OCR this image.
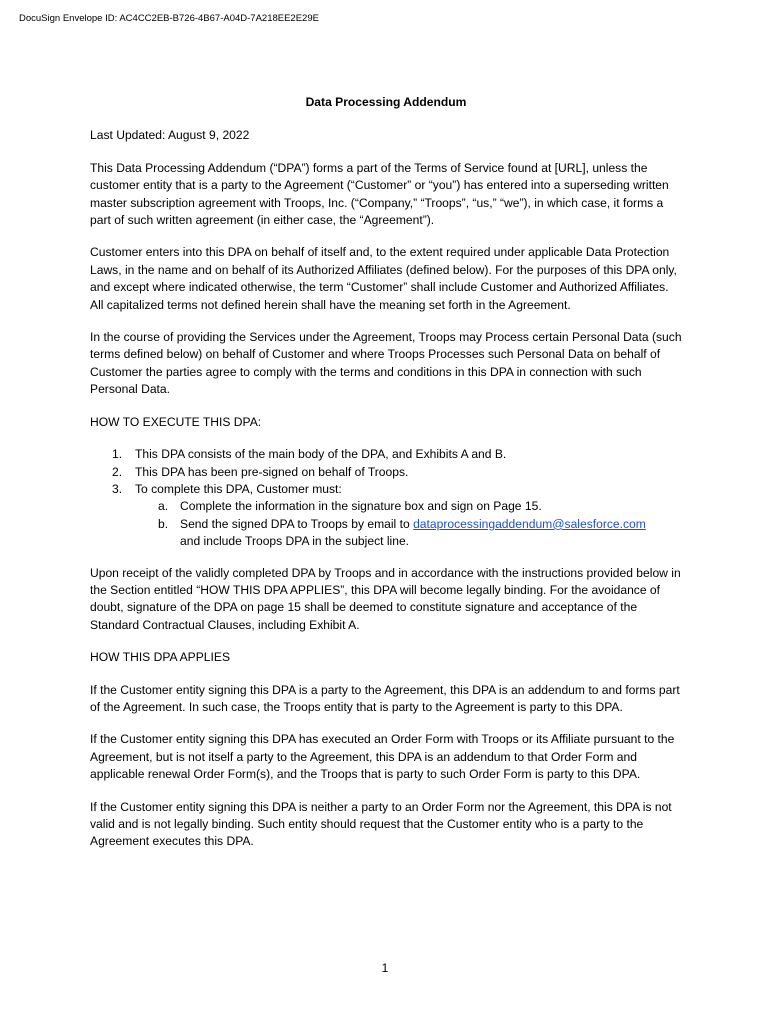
DocuSign Envelope ID: AC4CC2EB-B726-4B67-A04D-7A218EE2E29E
Data Processing Addendum

Last Updated: August 9, 2022

This Data Processing Addendum (“DPA”) forms a part of the Terms of Service found at [URL], unless the customer entity that is a party to the Agreement (“Customer” or “you”) has entered into a superseding written master subscription agreement with Troops, Inc. (“Company,” “Troops”, “us,” “we”), in which case, it forms a part of such written agreement (in either case, the “Agreement”).

Customer enters into this DPA on behalf of itself and, to the extent required under applicable Data Protection Laws, in the name and on behalf of its Authorized Affiliates (defined below). For the purposes of this DPA only, and except where indicated otherwise, the term “Customer” shall include Customer and Authorized Affiliates. All capitalized terms not defined herein shall have the meaning set forth in the Agreement.

In the course of providing the Services under the Agreement, Troops may Process certain Personal Data (such terms defined below) on behalf of Customer and where Troops Processes such Personal Data on behalf of Customer the parties agree to comply with the terms and conditions in this DPA in connection with such Personal Data.

HOW TO EXECUTE THIS DPA:

1. This DPA consists of the main body of the DPA, and Exhibits A and B.
2. This DPA has been pre-signed on behalf of Troops.
3. To complete this DPA, Customer must:
a. Complete the information in the signature box and sign on Page 15.
b. Send the signed DPA to Troops by email to dataprocessingaddendum@salesforce.com
and include Troops DPA in the subject line.

Upon receipt of the validly completed DPA by Troops and in accordance with the instructions provided below in the Section entitled “HOW THIS DPA APPLIES”, this DPA will become legally binding. For the avoidance of doubt, signature of the DPA on page 15 shall be deemed to constitute signature and acceptance of the Standard Contractual Clauses, including Exhibit A.

HOW THIS DPA APPLIES

If the Customer entity signing this DPA is a party to the Agreement, this DPA is an addendum to and forms part of the Agreement. In such case, the Troops entity that is party to the Agreement is party to this DPA.

If the Customer entity signing this DPA has executed an Order Form with Troops or its Affiliate pursuant to the Agreement, but is not itself a party to the Agreement, this DPA is an addendum to that Order Form and applicable renewal Order Form(s), and the Troops that is party to such Order Form is party to this DPA.

If the Customer entity signing this DPA is neither a party to an Order Form nor the Agreement, this DPA is not valid and is not legally binding. Such entity should request that the Customer entity who is a party to the Agreement executes this DPA.

1
